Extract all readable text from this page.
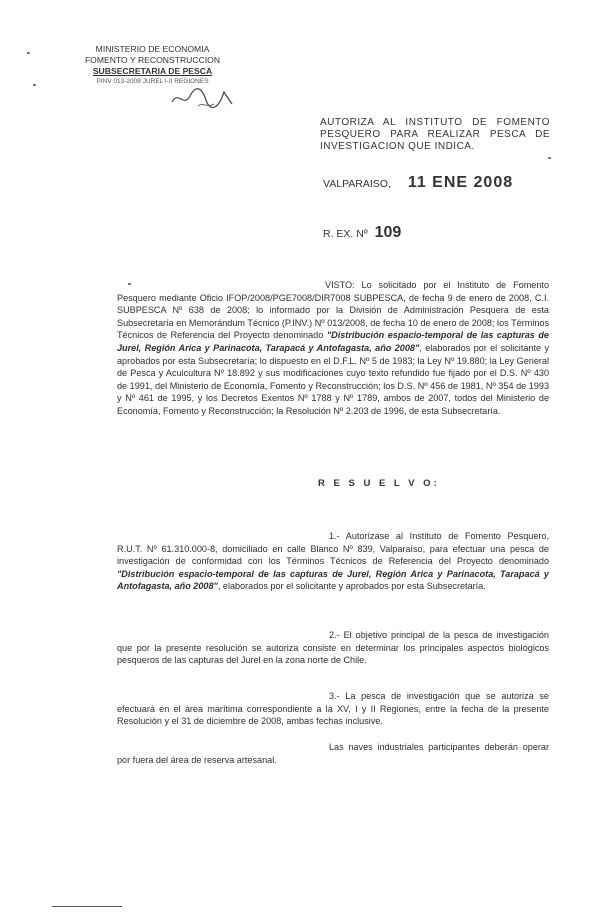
MINISTERIO DE ECONOMIA
FOMENTO Y RECONSTRUCCION
SUBSECRETARIA DE PESCA
PINV 013-2008 JUREL I-II REGIONES
AUTORIZA AL INSTITUTO DE FOMENTO PESQUERO PARA REALIZAR PESCA DE INVESTIGACION QUE INDICA.
VALPARAISO, 11 ENE 2008
R. EX. Nº 109
VISTO: Lo solicitado por el Instituto de Fomento Pesquero mediante Oficio IFOP/2008/PGE7008/DIR7008 SUBPESCA, de fecha 9 de enero de 2008, C.I. SUBPESCA Nº 638 de 2008; lo informado por la División de Administración Pesquera de esta Subsecretaría en Memorándum Técnico (P.INV.) Nº 013/2008, de fecha 10 de enero de 2008; los Términos Técnicos de Referencia del Proyecto denominado "Distribución espacio-temporal de las capturas de Jurel, Región Arica y Parinacota, Tarapacá y Antofagasta, año 2008", elaborados por el solicitante y aprobados por esta Subsecretaría; lo dispuesto en el D.F.L. Nº 5 de 1983; la Ley Nº 19.880; la Ley General de Pesca y Acuicultura Nº 18.892 y sus modificaciones cuyo texto refundido fue fijado por el D.S. Nº 430 de 1991, del Ministerio de Economía, Fomento y Reconstrucción; los D.S. Nº 456 de 1981, Nº 354 de 1993 y Nº 461 de 1995, y los Decretos Exentos Nº 1788 y Nº 1789, ambos de 2007, todos del Ministerio de Economía, Fomento y Reconstrucción; la Resolución Nº 2.203 de 1996, de esta Subsecretaría.
R E S U E L V O:
1.- Autorízase al Instituto de Fomento Pesquero, R.U.T. Nº 61.310.000-8, domiciliado en calle Blanco Nº 839, Valparaíso, para efectuar una pesca de investigación de conformidad con los Términos Técnicos de Referencia del Proyecto denominado "Distribución espacio-temporal de las capturas de Jurel, Región Arica y Parinacota, Tarapacá y Antofagasta, año 2008", elaborados por el solicitante y aprobados por esta Subsecretaría.
2.- El objetivo principal de la pesca de investigación que por la presente resolución se autoriza consiste en determinar los principales aspectos biológicos pesqueros de las capturas del Jurel en la zona norte de Chile.
3.- La pesca de investigación que se autoriza se efectuará en el área marítima correspondiente a la XV, I y II Regiones, entre la fecha de la presente Resolución y el 31 de diciembre de 2008, ambas fechas inclusive.
Las naves industriales participantes deberán operar por fuera del área de reserva artesanal.
